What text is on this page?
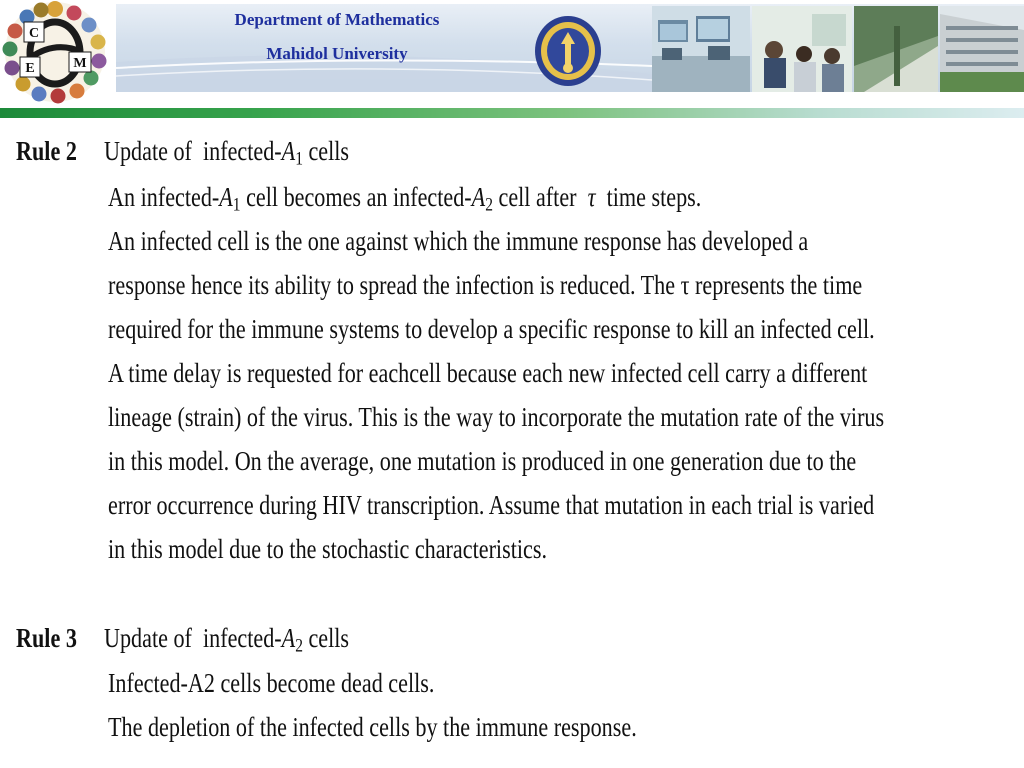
C
E	M
Department of Mathematics
Mahidol University
Rule 2 Update of  infected-$A_1$ cells
An infected-$A_1$ cell becomes an infected-$A_2$ cell after  τ  time steps.
An infected cell is the one against which the immune response has developed a
response hence its ability to spread the infection is reduced. The τ represents the time
required for the immune systems to develop a specific response to kill an infected cell.
A time delay is requested for eachcell because each new infected cell carry a different
lineage (strain) of the virus. This is the way to incorporate the mutation rate of the virus
in this model. On the average, one mutation is produced in one generation due to the
error occurrence during HIV transcription. Assume that mutation in each trial is varied
in this model due to the stochastic characteristics.
Rule 3 Update of  infected-$A_2$ cells
Infected-A2 cells become dead cells.
The depletion of the infected cells by the immune response.
